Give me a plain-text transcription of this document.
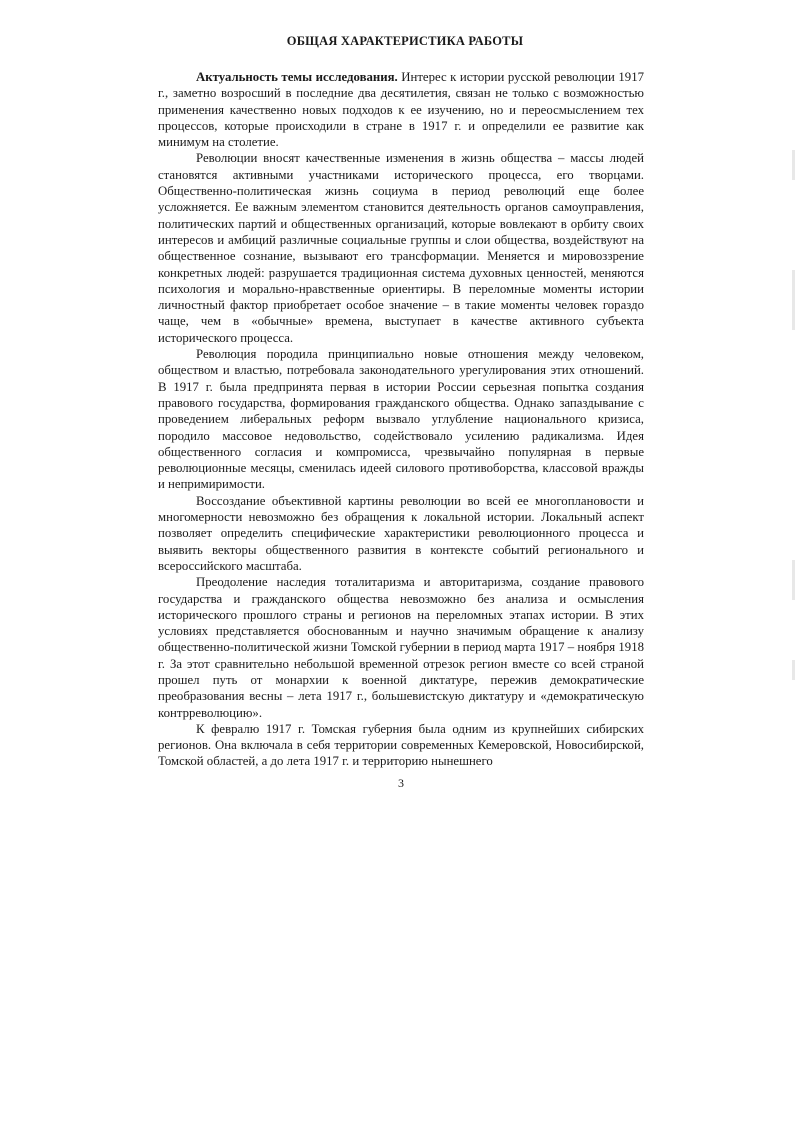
ОБЩАЯ ХАРАКТЕРИСТИКА РАБОТЫ

Актуальность темы исследования. Интерес к истории русской революции 1917 г., заметно возросший в последние два десятилетия, связан не только с возможностью применения качественно новых подходов к ее изучению, но и переосмыслением тех процессов, которые происходили в стране в 1917 г. и определили ее развитие как минимум на столетие.

Революции вносят качественные изменения в жизнь общества – массы людей становятся активными участниками исторического процесса, его творцами. Общественно-политическая жизнь социума в период революций еще более усложняется. Ее важным элементом становится деятельность органов самоуправления, политических партий и общественных организаций, которые вовлекают в орбиту своих интересов и амбиций различные социальные группы и слои общества, воздействуют на общественное сознание, вызывают его трансформации. Меняется и мировоззрение конкретных людей: разрушается традиционная система духовных ценностей, меняются психология и морально-нравственные ориентиры. В переломные моменты истории личностный фактор приобретает особое значение – в такие моменты человек гораздо чаще, чем в «обычные» времена, выступает в качестве активного субъекта исторического процесса.

Революция породила принципиально новые отношения между человеком, обществом и властью, потребовала законодательного урегулирования этих отношений. В 1917 г. была предпринята первая в истории России серьезная попытка создания правового государства, формирования гражданского общества. Однако запаздывание с проведением либеральных реформ вызвало углубление национального кризиса, породило массовое недовольство, содействовало усилению радикализма. Идея общественного согласия и компромисса, чрезвычайно популярная в первые революционные месяцы, сменилась идеей силового противоборства, классовой вражды и непримиримости.

Воссоздание объективной картины революции во всей ее многоплановости и многомерности невозможно без обращения к локальной истории. Локальный аспект позволяет определить специфические характеристики революционного процесса и выявить векторы общественного развития в контексте событий регионального и всероссийского масштаба.

Преодоление наследия тоталитаризма и авторитаризма, создание правового государства и гражданского общества невозможно без анализа и осмысления исторического прошлого страны и регионов на переломных этапах истории. В этих условиях представляется обоснованным и научно значимым обращение к анализу общественно-политической жизни Томской губернии в период марта 1917 – ноября 1918 г. За этот сравнительно небольшой временной отрезок регион вместе со всей страной прошел путь от монархии к военной диктатуре, пережив демократические преобразования весны – лета 1917 г., большевистскую диктатуру и «демократическую контрреволюцию».

К февралю 1917 г. Томская губерния была одним из крупнейших сибирских регионов. Она включала в себя территории современных Кемеровской, Новосибирской, Томской областей, а до лета 1917 г. и территорию нынешнего

3
